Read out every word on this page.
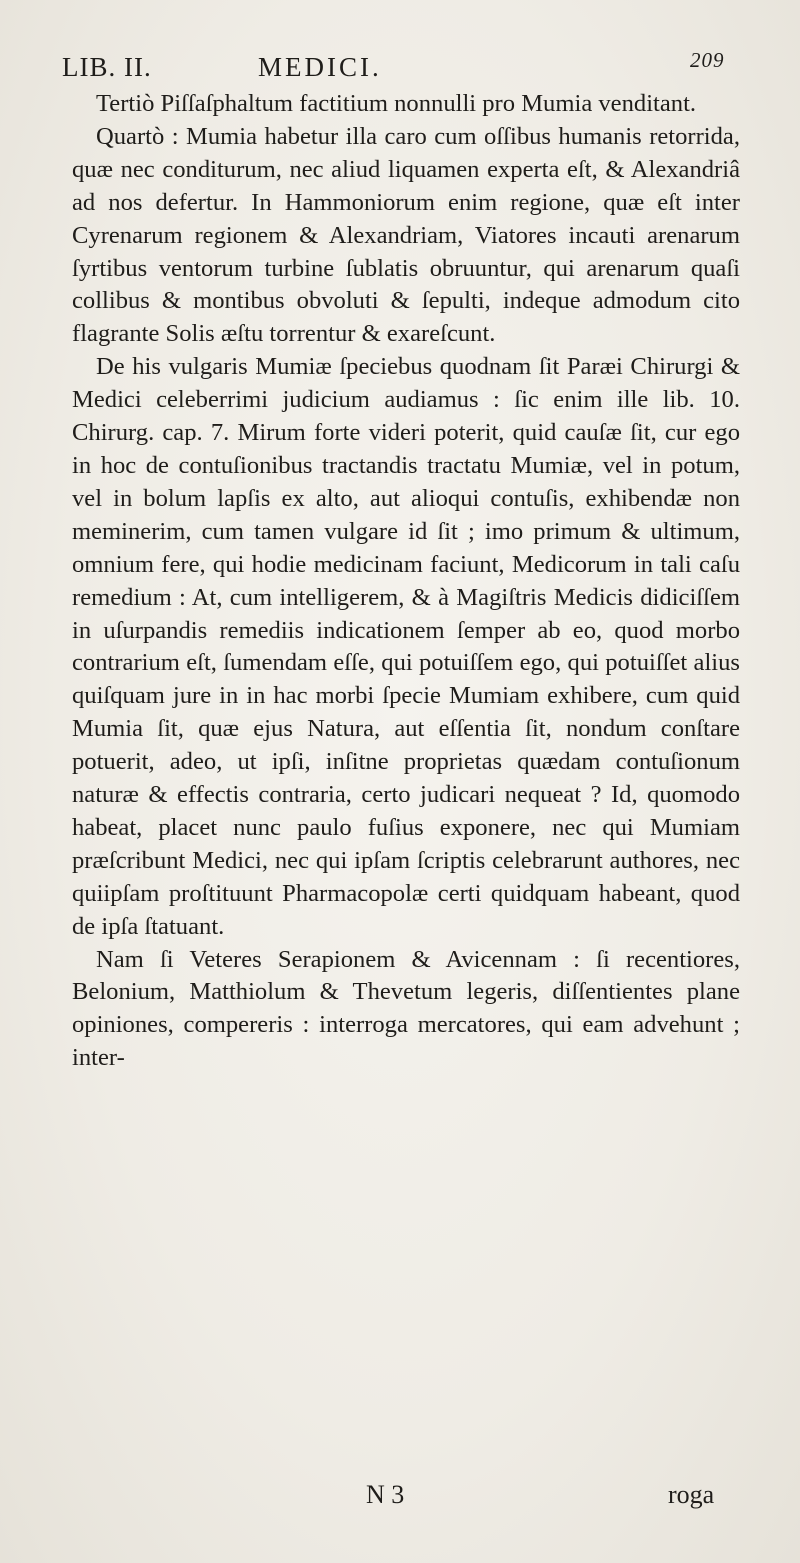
LIB. II.	MEDICI.	209

Tertiò Piſſaſphaltum factitium nonnulli pro Mumia venditant.

Quartò : Mumia habetur illa caro cum oſſibus humanis retorrida, quæ nec conditurum, nec aliud liquamen experta eſt, & Alexandriâ ad nos defertur. In Hammoniorum enim regione, quæ eſt inter Cyrenarum regionem & Alexandriam, Viatores incauti arenarum ſyrtibus ventorum turbine ſublatis obruuntur, qui arenarum quaſi collibus & montibus obvoluti & ſepulti, indeque admodum cito flagrante Solis æſtu torrentur & exareſcunt.

De his vulgaris Mumiæ ſpeciebus quodnam ſit Paræi Chirurgi & Medici celeberrimi judicium audiamus : ſic enim ille lib. 10. Chirurg. cap. 7. Mirum forte videri poterit, quid cauſæ ſit, cur ego in hoc de contuſionibus tractandis tractatu Mumiæ, vel in potum, vel in bolum lapſis ex alto, aut alioqui contuſis, exhibendæ non meminerim, cum tamen vulgare id ſit ; imo primum & ultimum, omnium fere, qui hodie medicinam faciunt, Medicorum in tali caſu remedium : At, cum intelligerem, & à Magiſtris Medicis didiciſſem in uſurpandis remediis indicationem ſemper ab eo, quod morbo contrarium eſt, ſumendam eſſe, qui potuiſſem ego, qui potuiſſet alius quiſquam jure in in hac morbi ſpecie Mumiam exhibere, cum quid Mumia ſit, quæ ejus Natura, aut eſſentia ſit, nondum conſtare potuerit, adeo, ut ipſi, inſitne proprietas quædam contuſionum naturæ & effectis contraria, certo judicari nequeat ? Id, quomodo habeat, placet nunc paulo fuſius exponere, nec qui Mumiam præſcribunt Medici, nec qui ipſam ſcriptis celebrarunt authores, nec quiipſam proſtituunt Pharmacopolæ certi quidquam habeant, quod de ipſa ſtatuant.

Nam ſi Veteres Serapionem & Avicennam : ſi recentiores, Belonium, Matthiolum & Thevetum legeris, diſſentientes plane opiniones, compereris : interroga mercatores, qui eam advehunt ; inter-

N 3	roga
